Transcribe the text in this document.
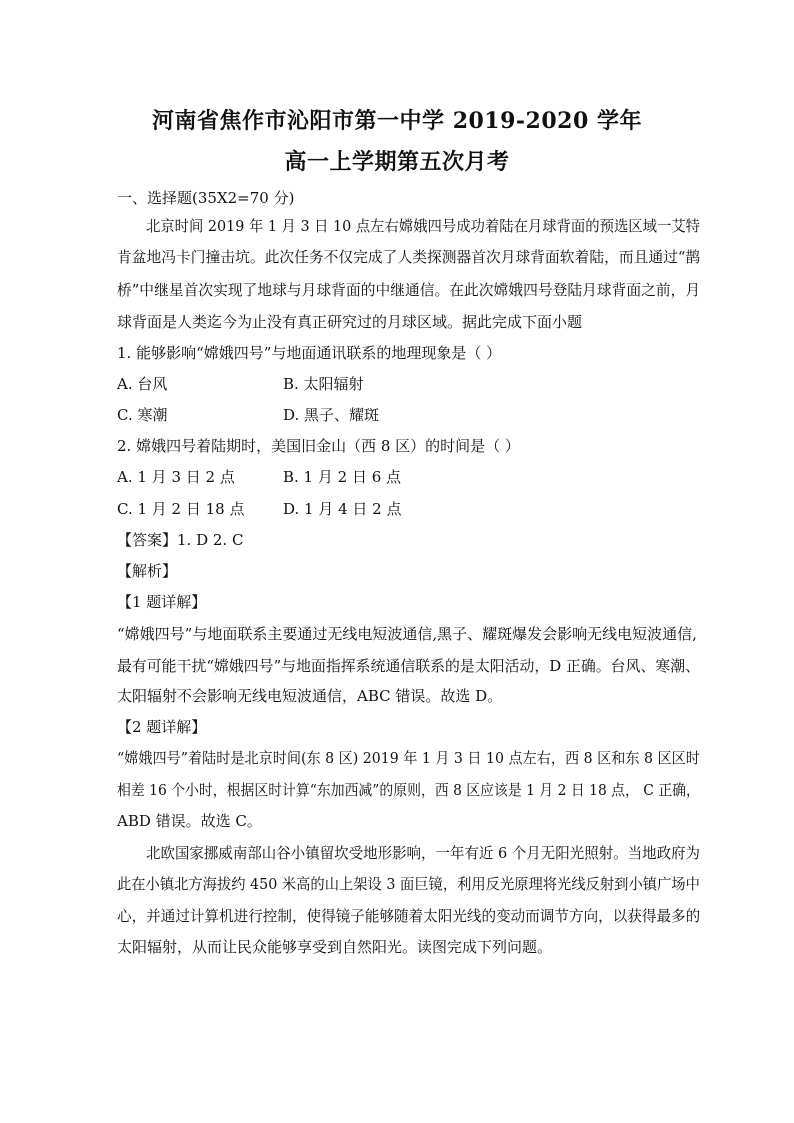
河南省焦作市沁阳市第一中学 2019-2020 学年
高一上学期第五次月考
一、选择题(35X2=70 分)
北京时间 2019 年 1 月 3 日 10 点左右嫦娥四号成功着陆在月球背面的预选区域一艾特
肯盆地冯卡门撞击坑。此次任务不仅完成了人类探测器首次月球背面软着陆，而且通过“鹊
桥”中继星首次实现了地球与月球背面的中继通信。在此次嫦娥四号登陆月球背面之前，月
球背面是人类迄今为止没有真正研究过的月球区域。据此完成下面小题
1. 能够影响“嫦娥四号”与地面通讯联系的地理现象是（ ）
A. 台风	B. 太阳辐射
C. 寒潮	D. 黑子、耀斑
2. 嫦娥四号着陆期时，美国旧金山（西 8 区）的时间是（ ）
A. 1 月 3 日 2 点	B. 1 月 2 日 6 点
C. 1 月 2 日 18 点	D. 1 月 4 日 2 点
【答案】1. D 2. C
【解析】
【1 题详解】
“嫦娥四号”与地面联系主要通过无线电短波通信,黑子、耀斑爆发会影响无线电短波通信,
最有可能干扰“嫦娥四号”与地面指挥系统通信联系的是太阳活动，D 正确。台风、寒潮、
太阳辐射不会影响无线电短波通信，ABC 错误。故选 D。
【2 题详解】
“嫦娥四号”着陆时是北京时间(东 8 区) 2019 年 1 月 3 日 10 点左右，西 8 区和东 8 区区时
相差 16 个小时，根据区时计算“东加西减”的原则，西 8 区应该是 1 月 2 日 18 点， C 正确，
ABD 错误。故选 C。
北欧国家挪威南部山谷小镇留坎受地形影响，一年有近 6 个月无阳光照射。当地政府为
此在小镇北方海拔约 450 米高的山上架设 3 面巨镜，利用反光原理将光线反射到小镇广场中
心，并通过计算机进行控制，使得镜子能够随着太阳光线的变动而调节方向，以获得最多的
太阳辐射，从而让民众能够享受到自然阳光。读图完成下列问题。
